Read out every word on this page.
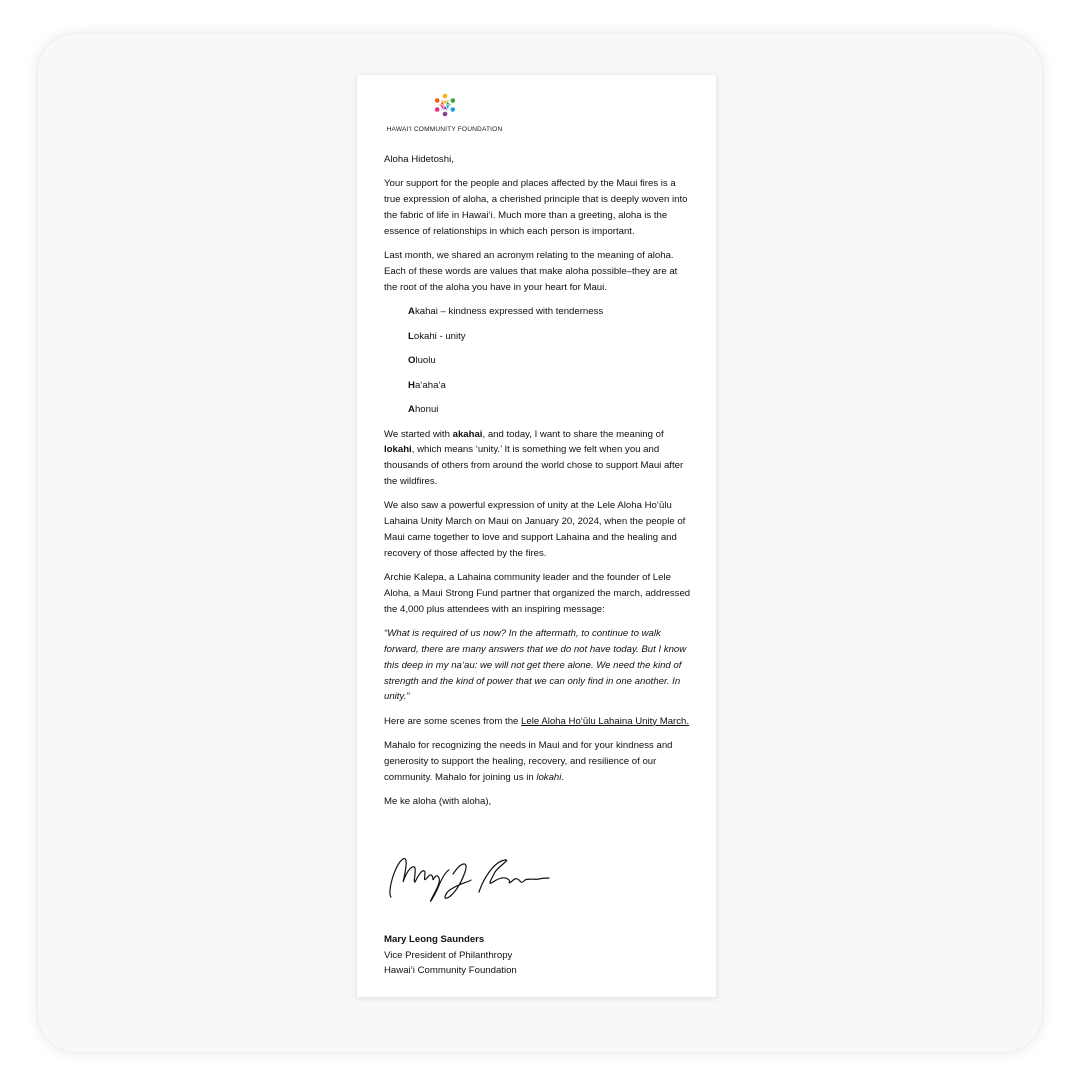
HAWAI'I COMMUNITY FOUNDATION

Aloha Hidetoshi,

Your support for the people and places affected by the Maui fires is a true expression of aloha, a cherished principle that is deeply woven into the fabric of life in Hawai‘i. Much more than a greeting, aloha is the essence of relationships in which each person is important.

Last month, we shared an acronym relating to the meaning of aloha. Each of these words are values that make aloha possible–they are at the root of the aloha you have in your heart for Maui.

Akahai – kindness expressed with tenderness

Lokahi - unity

Oluolu

Ha‘aha‘a

Ahonui

We started with akahai, and today, I want to share the meaning of lokahi, which means ‘unity.’ It is something we felt when you and thousands of others from around the world chose to support Maui after the wildfires.

We also saw a powerful expression of unity at the Lele Aloha Ho‘ūlu Lahaina Unity March on Maui on January 20, 2024, when the people of Maui came together to love and support Lahaina and the healing and recovery of those affected by the fires.

Archie Kalepa, a Lahaina community leader and the founder of Lele Aloha, a Maui Strong Fund partner that organized the march, addressed the 4,000 plus attendees with an inspiring message:

“What is required of us now? In the aftermath, to continue to walk forward, there are many answers that we do not have today. But I know this deep in my na‘au: we will not get there alone. We need the kind of strength and the kind of power that we can only find in one another. In unity.”

Here are some scenes from the Lele Aloha Ho‘ūlu Lahaina Unity March.

Mahalo for recognizing the needs in Maui and for your kindness and generosity to support the healing, recovery, and resilience of our community. Mahalo for joining us in lokahi.

Me ke aloha (with aloha),

Mary Leong Saunders
Vice President of Philanthropy
Hawai‘i Community Foundation
